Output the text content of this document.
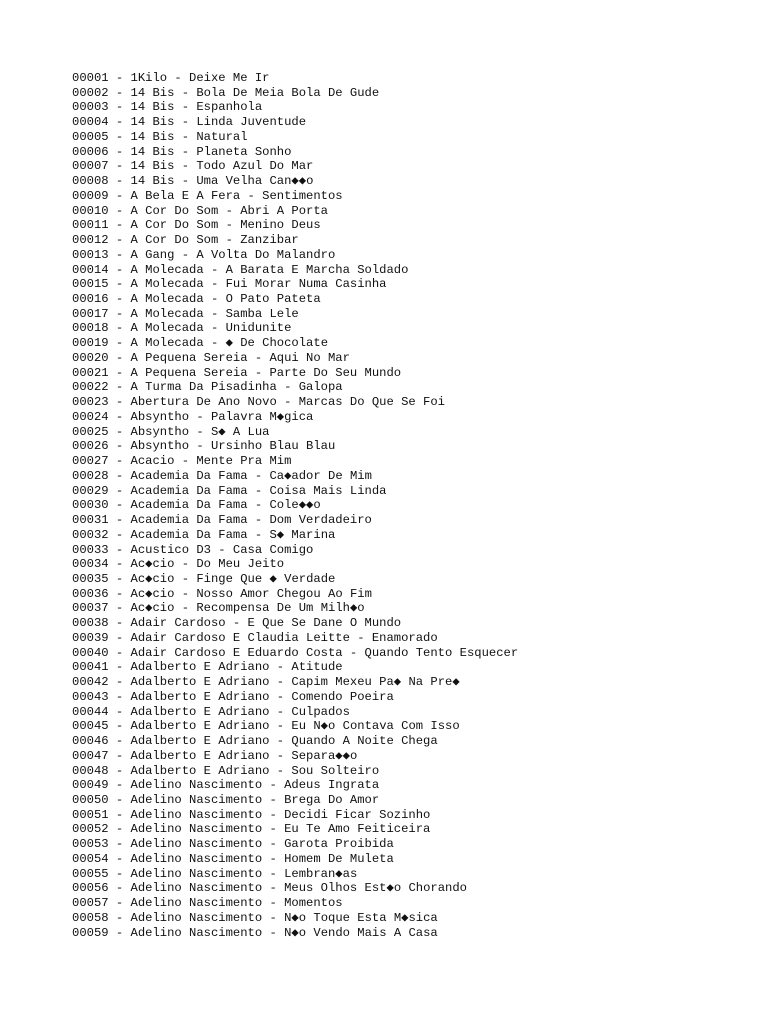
00001 - 1Kilo - Deixe Me Ir
00002 - 14 Bis - Bola De Meia Bola De Gude
00003 - 14 Bis - Espanhola
00004 - 14 Bis - Linda Juventude
00005 - 14 Bis - Natural
00006 - 14 Bis - Planeta Sonho
00007 - 14 Bis - Todo Azul Do Mar
00008 - 14 Bis - Uma Velha Can◆◆o
00009 - A Bela E A Fera - Sentimentos
00010 - A Cor Do Som - Abri A Porta
00011 - A Cor Do Som - Menino Deus
00012 - A Cor Do Som - Zanzibar
00013 - A Gang - A Volta Do Malandro
00014 - A Molecada - A Barata E Marcha Soldado
00015 - A Molecada - Fui Morar Numa Casinha
00016 - A Molecada - O Pato Pateta
00017 - A Molecada - Samba Lele
00018 - A Molecada - Unidunite
00019 - A Molecada - ◆ De Chocolate
00020 - A Pequena Sereia - Aqui No Mar
00021 - A Pequena Sereia - Parte Do Seu Mundo
00022 - A Turma Da Pisadinha - Galopa
00023 - Abertura De Ano Novo - Marcas Do Que Se Foi
00024 - Absyntho - Palavra M◆gica
00025 - Absyntho - S◆ A Lua
00026 - Absyntho - Ursinho Blau Blau
00027 - Acacio - Mente Pra Mim
00028 - Academia Da Fama - Ca◆ador De Mim
00029 - Academia Da Fama - Coisa Mais Linda
00030 - Academia Da Fama - Cole◆◆o
00031 - Academia Da Fama - Dom Verdadeiro
00032 - Academia Da Fama - S◆ Marina
00033 - Acustico D3 - Casa Comigo
00034 - Ac◆cio - Do Meu Jeito
00035 - Ac◆cio - Finge Que ◆ Verdade
00036 - Ac◆cio - Nosso Amor Chegou Ao Fim
00037 - Ac◆cio - Recompensa De Um Milh◆o
00038 - Adair Cardoso - E Que Se Dane O Mundo
00039 - Adair Cardoso E Claudia Leitte - Enamorado
00040 - Adair Cardoso E Eduardo Costa - Quando Tento Esquecer
00041 - Adalberto E Adriano - Atitude
00042 - Adalberto E Adriano - Capim Mexeu Pa◆ Na Pre◆
00043 - Adalberto E Adriano - Comendo Poeira
00044 - Adalberto E Adriano - Culpados
00045 - Adalberto E Adriano - Eu N◆o Contava Com Isso
00046 - Adalberto E Adriano - Quando A Noite Chega
00047 - Adalberto E Adriano - Separa◆◆o
00048 - Adalberto E Adriano - Sou Solteiro
00049 - Adelino Nascimento - Adeus Ingrata
00050 - Adelino Nascimento - Brega Do Amor
00051 - Adelino Nascimento - Decidi Ficar Sozinho
00052 - Adelino Nascimento - Eu Te Amo Feiticeira
00053 - Adelino Nascimento - Garota Proibida
00054 - Adelino Nascimento - Homem De Muleta
00055 - Adelino Nascimento - Lembran◆as
00056 - Adelino Nascimento - Meus Olhos Est◆o Chorando
00057 - Adelino Nascimento - Momentos
00058 - Adelino Nascimento - N◆o Toque Esta M◆sica
00059 - Adelino Nascimento - N◆o Vendo Mais A Casa
